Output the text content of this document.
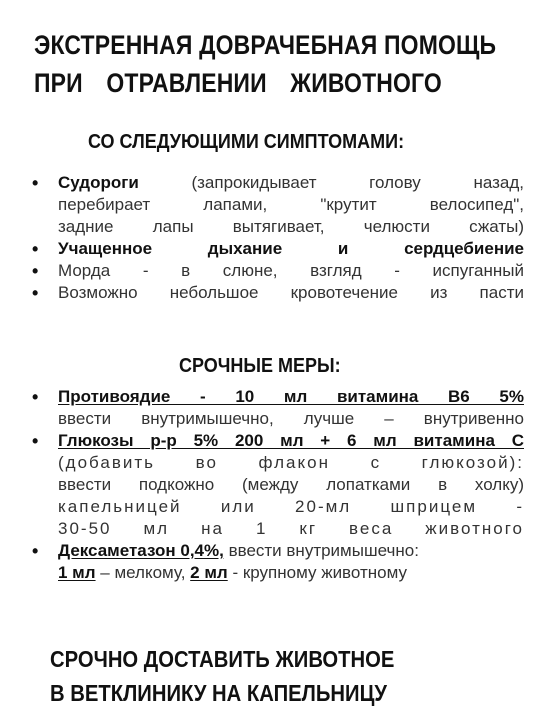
ЭКСТРЕННАЯ ДОВРАЧЕБНАЯ ПОМОЩЬ
ПРИ ОТРАВЛЕНИИ ЖИВОТНОГО
СО СЛЕДУЮЩИМИ СИМПТОМАМИ:
• Судороги	(запрокидывает голову назад,
перебирает лапами, "крутит велосипед",
задние лапы вытягивает, челюсти сжаты)
• Учащенное дыхание и сердцебиение
• Морда - в слюне, взгляд - испуганный
• Возможно небольшое кровотечение из пасти
СРОЧНЫЕ МЕРЫ:
• Противоядие - 10 мл витамина В6 5%
ввести внутримышечно, лучше – внутривенно
• Глюкозы р-р 5% 200 мл + 6 мл витамина С
(добавить во флакон с глюкозой):
ввести подкожно (между лопатками в холку)
капельницей или 20-мл шприцем -
30-50 мл на 1 кг веса животного
• Дексаметазон 0,4%, ввести внутримышечно:
1 мл – мелкому, 2 мл - крупному животному
СРОЧНО ДОСТАВИТЬ ЖИВОТНОЕ
В ВЕТКЛИНИКУ НА КАПЕЛЬНИЦУ
